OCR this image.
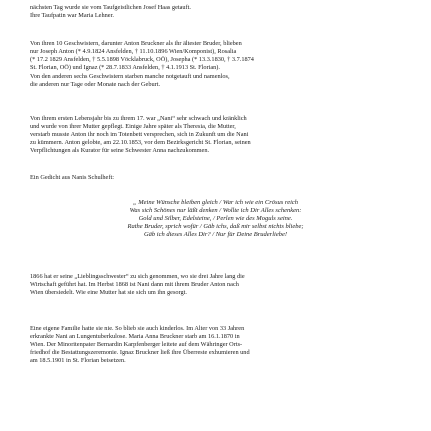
nächsten Tag wurde sie vom Taufgeistlichen Josef Haas getauft.
Ihre Taufpatin war Maria Lehner.
Von ihren 10 Geschwistern, darunter Anton Bruckner als ihr ältester Bruder, blieben
nur Joseph Anton (* 4.9.1824 Ansfelden, † 11.10.1896 Wien/Komponist), Rosalia
(* 17.2 1829 Ansfelden, † 5.5.1898 Vöcklabruck, OÖ), Josepha (* 13.3.1830, † 3.7.1874
St. Florian, OÖ) und Ignaz (* 28.7.1833 Ansfelden, † 4.1.1913 St. Florian).
Von den anderen sechs Geschwistern starben manche notgetauft und namenlos,
die anderen nur Tage oder Monate nach der Geburt.
Von ihrem ersten Lebensjahr bis zu ihrem 17. war „Nani“ sehr schwach und kränklich
und wurde von ihrer Mutter gepflegt. Einige Jahre später als Theresia, die Mutter,
verstarb musste Anton ihr noch im Totenbett versprechen, sich in Zukunft um die Nani
zu kümmern. Anton gelobte, am 22.10.1853, vor dem Bezirksgericht St. Florian, seinen
Verpflichtungen als Kurator für seine Schwester Anna nachzukommen.
Ein Gedicht aus Nanis Schulheft:
„ Meine Wünsche bleiben gleich / War ich wie ein Crösus reich
Was sich Schönes nur läßt denken / Wollte ich Dir Alles schenken:
Gold und Silber, Edelsteine, / Perlen wie des Moguls seine.
Rathe Bruder, sprich wofür / Gäb ichs, daß mir selbst nichts bliebe;
Gäb ich dieses Alles Dir? / Nur für Deine Bruderliebe!
1866 hat er seine „Lieblingsschwester“ zu sich genommen, wo sie drei Jahre lang die
Wirtschaft geführt hat. Im Herbst 1868 ist Nani dann mit ihrem Bruder Anton nach
Wien übersiedelt. Wie eine Mutter hat sie sich um ihn gesorgt.
Eine eigene Familie hatte sie nie. So blieb sie auch kinderlos. Im Alter von 33 Jahren
erkrankte Nani an Lungentuberkulose. Maria Anna Bruckner starb am 16.1.1870 in
Wien. Der Minoritenpater Bernardin Karpfenberger leitete auf dem Währinger Orts-
friedhof die Bestattungszeremonie. Ignaz Bruckner ließ ihre Überreste exhumieren und
am 18.5.1901 in St. Florian beisetzen.
